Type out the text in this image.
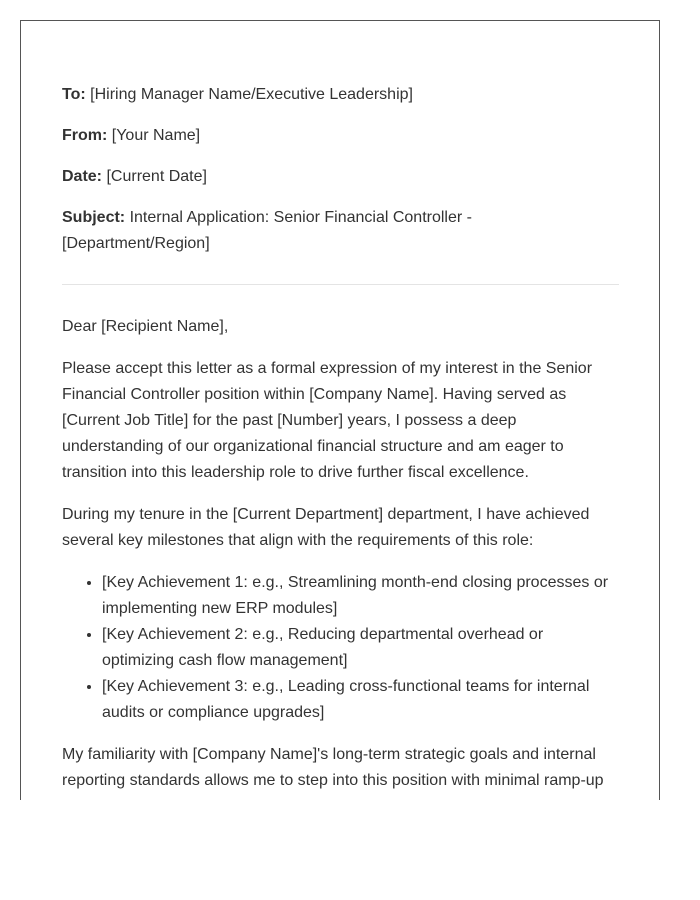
To: [Hiring Manager Name/Executive Leadership]

From: [Your Name]

Date: [Current Date]

Subject: Internal Application: Senior Financial Controller - [Department/Region]

Dear [Recipient Name],

Please accept this letter as a formal expression of my interest in the Senior Financial Controller position within [Company Name]. Having served as [Current Job Title] for the past [Number] years, I possess a deep understanding of our organizational financial structure and am eager to transition into this leadership role to drive further fiscal excellence.

During my tenure in the [Current Department] department, I have achieved several key milestones that align with the requirements of this role:

• [Key Achievement 1: e.g., Streamlining month-end closing processes or implementing new ERP modules]
• [Key Achievement 2: e.g., Reducing departmental overhead or optimizing cash flow management]
• [Key Achievement 3: e.g., Leading cross-functional teams for internal audits or compliance upgrades]

My familiarity with [Company Name]'s long-term strategic goals and internal reporting standards allows me to step into this position with minimal ramp-up
